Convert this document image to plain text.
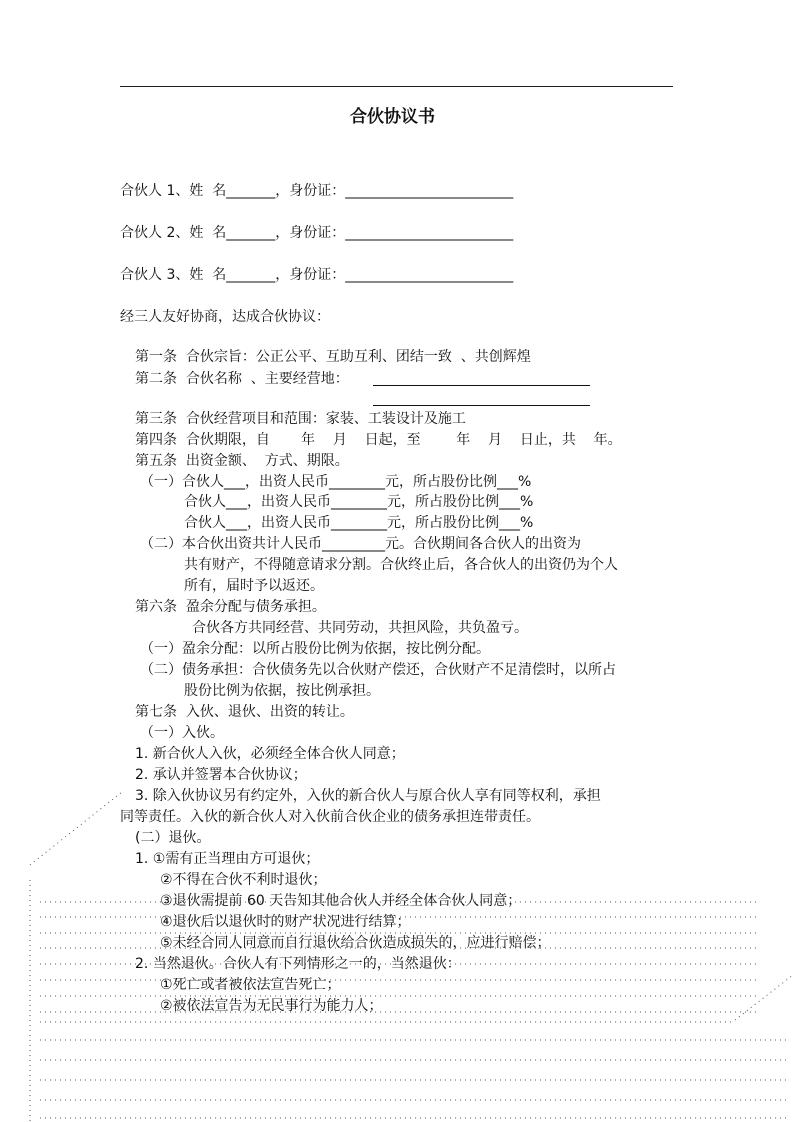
合伙协议书
合伙人 1、姓  名_______，身份证：________________________
合伙人 2、姓  名_______，身份证：________________________
合伙人 3、姓  名_______，身份证：________________________
经三人友好协商，达成合伙协议：
第一条  合伙宗旨：公正公平、互助互利、团结一致  、共创辉煌
第二条  合伙名称  、主要经营地：
第三条  合伙经营项目和范围：家装、工装设计及施工
第四条  合伙期限，自       年    月    日起，至        年    月    日止，共    年。
第五条  出资金额、  方式、期限。
（一）合伙人___，出资人民币________元，所占股份比例___%
合伙人___，出资人民币________元，所占股份比例___%
合伙人___，出资人民币________元，所占股份比例___%
（二）本合伙出资共计人民币_________元。合伙期间各合伙人的出资为
共有财产，不得随意请求分割。合伙终止后，各合伙人的出资仍为个人
所有，届时予以返还。
第六条  盈余分配与债务承担。
合伙各方共同经营、共同劳动，共担风险，共负盈亏。
（一）盈余分配：以所占股份比例为依据，按比例分配。
（二）债务承担：合伙债务先以合伙财产偿还，合伙财产不足清偿时，以所占
股份比例为依据，按比例承担。
第七条  入伙、退伙、出资的转让。
（一）入伙。
1. 新合伙人入伙，必须经全体合伙人同意；
2. 承认并签署本合伙协议；
3. 除入伙协议另有约定外，入伙的新合伙人与原合伙人享有同等权利，承担
同等责任。入伙的新合伙人对入伙前合伙企业的债务承担连带责任。
(二）退伙。
1. ①需有正当理由方可退伙；
②不得在合伙不利时退伙；
③退伙需提前 60 天告知其他合伙人并经全体合伙人同意；
④退伙后以退伙时的财产状况进行结算；
⑤未经合同人同意而自行退伙给合伙造成损失的，应进行赔偿；
2. 当然退伙。合伙人有下列情形之一的，当然退伙：
①死亡或者被依法宣告死亡；
②被依法宣告为无民事行为能力人；
